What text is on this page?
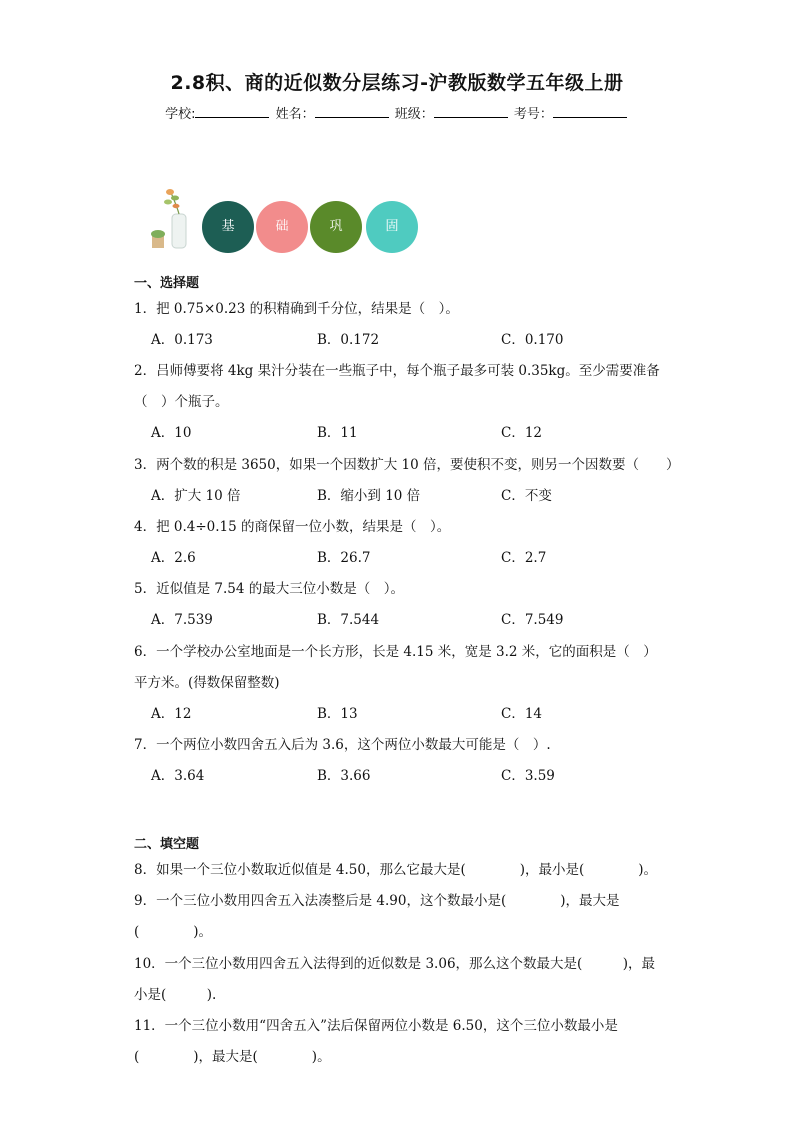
2.8积、商的近似数分层练习-沪教版数学五年级上册
学校:	姓名：	班级：	考号：
基	础	巩	固
一、选择题
1．把 0.75×0.23 的积精确到千分位，结果是（　）。
A．0.173	B．0.172	C．0.170
2．吕师傅要将 4kg 果汁分装在一些瓶子中，每个瓶子最多可装 0.35kg。至少需要准备
（　）个瓶子。
A．10	B．11	C．12
3．两个数的积是 3650，如果一个因数扩大 10 倍，要使积不变，则另一个因数要（　　）
A．扩大 10 倍	B．缩小到 10 倍	C．不变
4．把 0.4÷0.15 的商保留一位小数，结果是（　）。
A．2.6	B．26.7	C．2.7
5．近似值是 7.54 的最大三位小数是（　）。
A．7.539	B．7.544	C．7.549
6．一个学校办公室地面是一个长方形，长是 4.15 米，宽是 3.2 米，它的面积是（　）
平方米。(得数保留整数)
A．12	B．13	C．14
7．一个两位小数四舍五入后为 3.6，这个两位小数最大可能是（　）.
A．3.64	B．3.66	C．3.59
二、填空题
8．如果一个三位小数取近似值是 4.50，那么它最大是(　　　　)，最小是(　　　　)。
9．一个三位小数用四舍五入法凑整后是 4.90，这个数最小是(　　　　)，最大是
(　　　　)。
10．一个三位小数用四舍五入法得到的近似数是 3.06，那么这个数最大是(　　　)，最
小是(　　　).
11．一个三位小数用“四舍五入”法后保留两位小数是 6.50，这个三位小数最小是
(　　　　)，最大是(　　　　)。
